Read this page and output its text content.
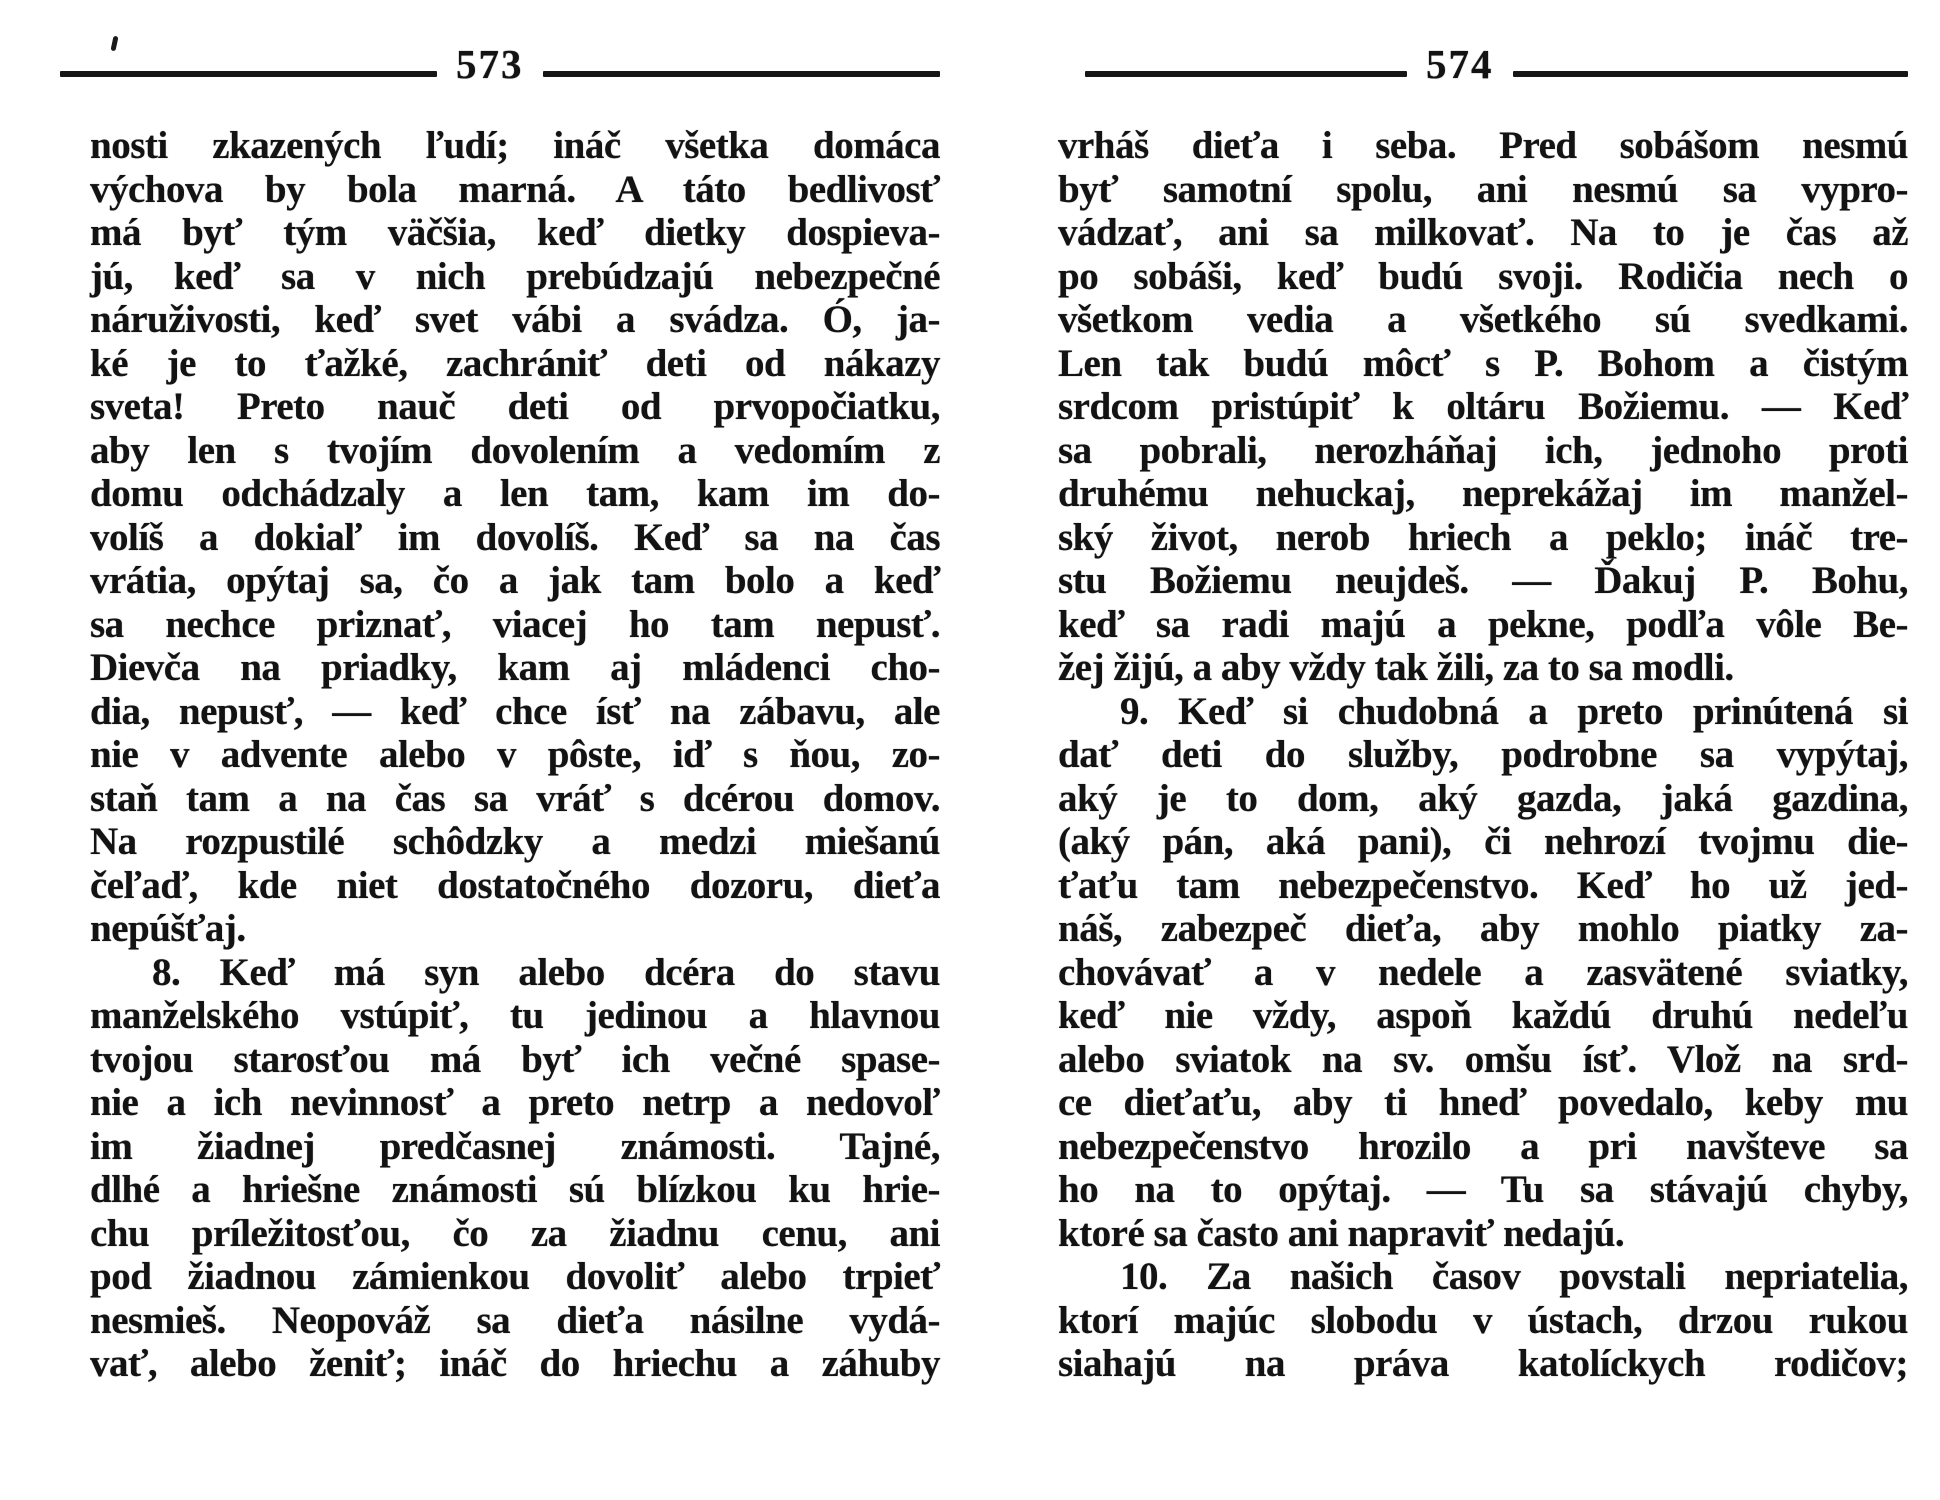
573
nosti zkazených ľudí; ináč všetka domáca
výchova by bola marná. A táto bedlivosť
má byť tým väčšia, keď dietky dospieva-
jú, keď sa v nich prebúdzajú nebezpečné
náruživosti, keď svet vábi a svádza. Ó, ja-
ké je to ťažké, zachrániť deti od nákazy
sveta! Preto nauč deti od prvopočiatku,
aby len s tvojím dovolením a vedomím z
domu odchádzaly a len tam, kam im do-
volíš a dokiaľ im dovolíš. Keď sa na čas
vrátia, opýtaj sa, čo a jak tam bolo a keď
sa nechce priznať, viacej ho tam nepusť.
Dievča na priadky, kam aj mládenci cho-
dia, nepusť, — keď chce ísť na zábavu, ale
nie v advente alebo v pôste, iď s ňou, zo-
staň tam a na čas sa vráť s dcérou domov.
Na rozpustilé schôdzky a medzi miešanú
čeľaď, kde niet dostatočného dozoru, dieťa
nepúšťaj.
8. Keď má syn alebo dcéra do stavu
manželského vstúpiť, tu jedinou a hlavnou
tvojou starosťou má byť ich večné spase-
nie a ich nevinnosť a preto netrp a nedovoľ
im žiadnej predčasnej známosti. Tajné,
dlhé a hriešne známosti sú blízkou ku hrie-
chu príležitosťou, čo za žiadnu cenu, ani
pod žiadnou zámienkou dovoliť alebo trpieť
nesmieš. Neopováž sa dieťa násilne vydá-
vať, alebo ženiť; ináč do hriechu a záhuby
574
vrháš dieťa i seba. Pred sobášom nesmú
byť samotní spolu, ani nesmú sa vypro-
vádzať, ani sa milkovať. Na to je čas až
po sobáši, keď budú svoji. Rodičia nech o
všetkom vedia a všetkého sú svedkami.
Len tak budú môcť s P. Bohom a čistým
srdcom pristúpiť k oltáru Božiemu. — Keď
sa pobrali, nerozháňaj ich, jednoho proti
druhému nehuckaj, neprekážaj im manžel-
ský život, nerob hriech a peklo; ináč tre-
stu Božiemu neujdeš. — Ďakuj P. Bohu,
keď sa radi majú a pekne, podľa vôle Be-
žej žijú, a aby vždy tak žili, za to sa modli.
9. Keď si chudobná a preto prinútená si
dať deti do služby, podrobne sa vypýtaj,
aký je to dom, aký gazda, jaká gazdina,
(aký pán, aká pani), či nehrozí tvojmu die-
ťaťu tam nebezpečenstvo. Keď ho už jed-
náš, zabezpeč dieťa, aby mohlo piatky za-
chovávať a v nedele a zasvätené sviatky,
keď nie vždy, aspoň každú druhú nedeľu
alebo sviatok na sv. omšu ísť. Vlož na srd-
ce dieťaťu, aby ti hneď povedalo, keby mu
nebezpečenstvo hrozilo a pri navšteve sa
ho na to opýtaj. — Tu sa stávajú chyby,
ktoré sa často ani napraviť nedajú.
10. Za našich časov povstali nepriatelia,
ktorí majúc slobodu v ústach, drzou rukou
siahajú na práva katolíckych rodičov;
